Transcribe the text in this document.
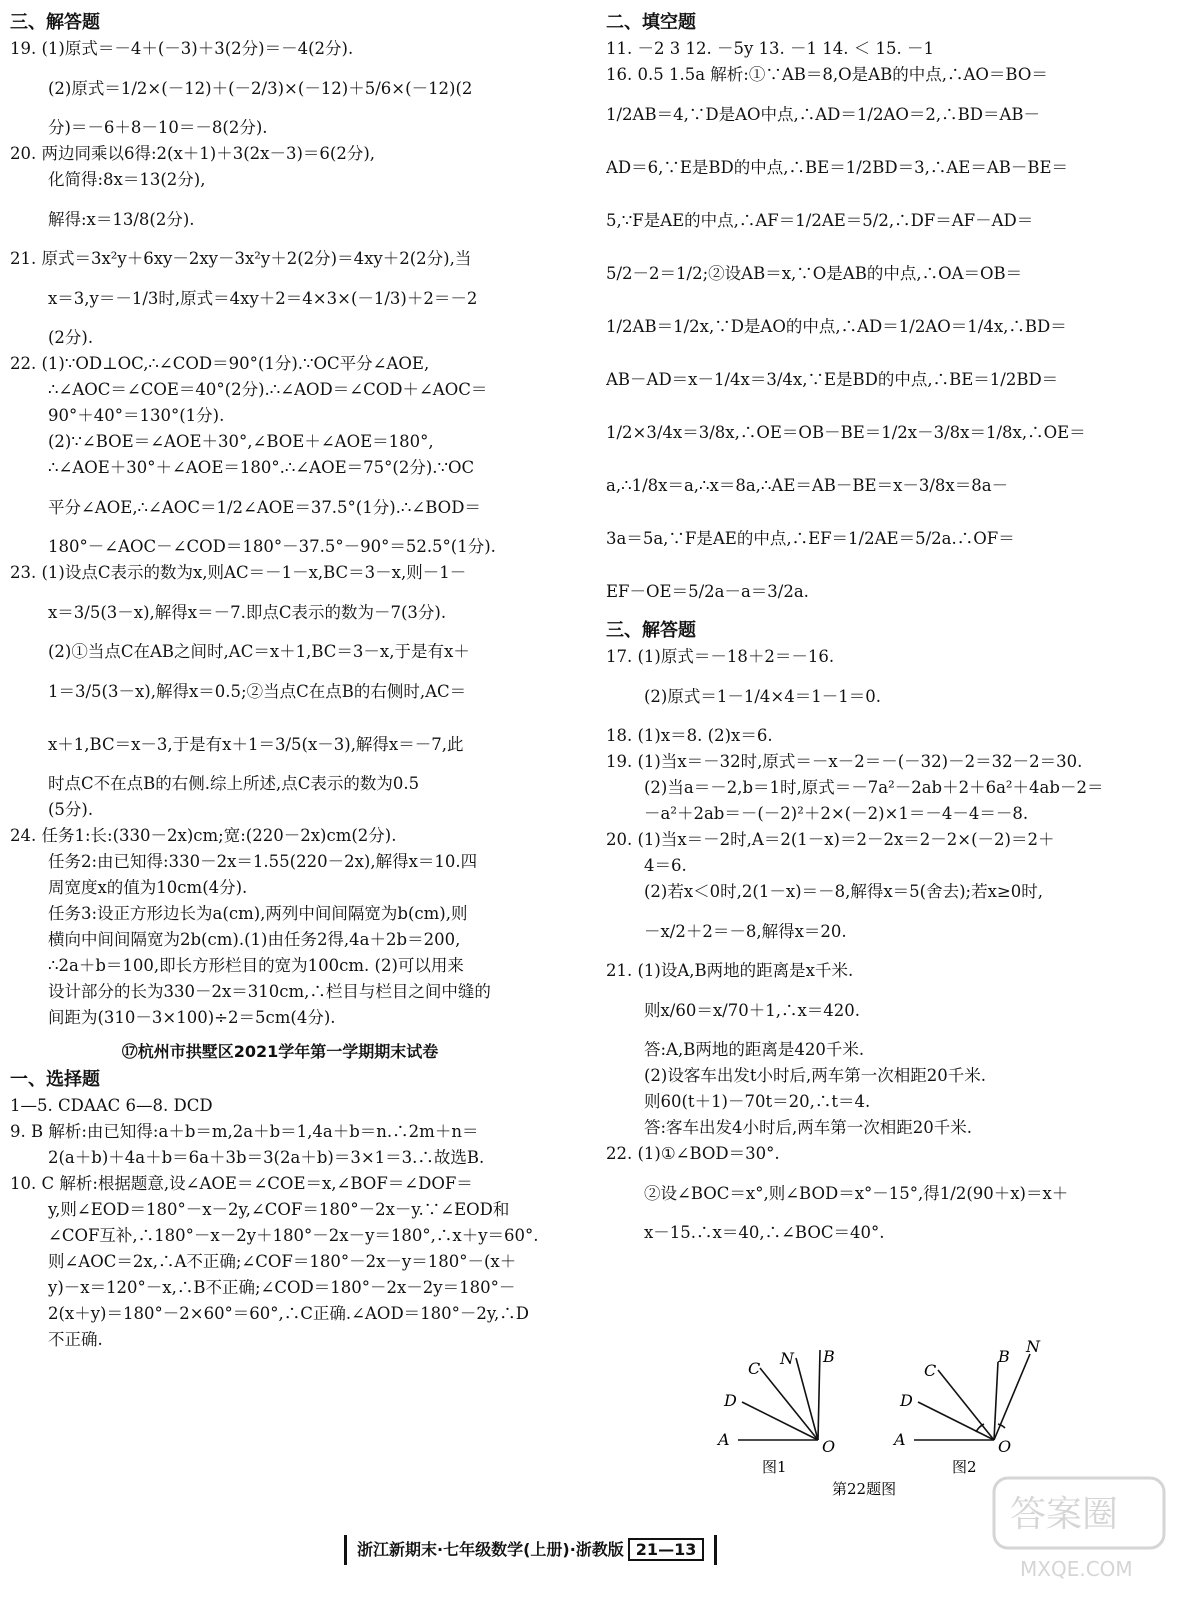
三、解答题
19. (1)原式＝－4＋(－3)＋3(2分)＝－4(2分).
(2)原式＝1/2×(－12)＋(－2/3)×(－12)＋5/6×(－12)(2
分)＝－6＋8－10＝－8(2分).
20. 两边同乘以6得:2(x＋1)＋3(2x－3)＝6(2分),
化简得:8x＝13(2分),
解得:x＝13/8(2分).
21. 原式＝3x²y＋6xy－2xy－3x²y＋2(2分)＝4xy＋2(2分),当
x＝3,y＝－1/3时,原式＝4xy＋2＝4×3×(－1/3)＋2＝－2
(2分).
22. (1)∵OD⊥OC,∴∠COD＝90°(1分).∵OC平分∠AOE,
∴∠AOC＝∠COE＝40°(2分).∴∠AOD＝∠COD＋∠AOC＝
90°＋40°＝130°(1分).
(2)∵∠BOE＝∠AOE＋30°,∠BOE＋∠AOE＝180°,
∴∠AOE＋30°＋∠AOE＝180°.∴∠AOE＝75°(2分).∵OC
平分∠AOE,∴∠AOC＝1/2∠AOE＝37.5°(1分).∴∠BOD＝
180°－∠AOC－∠COD＝180°－37.5°－90°＝52.5°(1分).
23. (1)设点C表示的数为x,则AC＝－1－x,BC＝3－x,则－1－
x＝3/5(3－x),解得x＝－7.即点C表示的数为－7(3分).
(2)①当点C在AB之间时,AC＝x＋1,BC＝3－x,于是有x＋
1＝3/5(3－x),解得x＝0.5;②当点C在点B的右侧时,AC＝
x＋1,BC＝x－3,于是有x＋1＝3/5(x－3),解得x＝－7,此
时点C不在点B的右侧.综上所述,点C表示的数为0.5
(5分).
24. 任务1:长:(330－2x)cm;宽:(220－2x)cm(2分).
任务2:由已知得:330－2x＝1.55(220－2x),解得x＝10.四
周宽度x的值为10cm(4分).
任务3:设正方形边长为a(cm),两列中间间隔宽为b(cm),则
横向中间间隔宽为2b(cm).(1)由任务2得,4a＋2b＝200,
∴2a＋b＝100,即长方形栏目的宽为100cm. (2)可以用来
设计部分的长为330－2x＝310cm,∴栏目与栏目之间中缝的
间距为(310－3×100)÷2＝5cm(4分).
⑰杭州市拱墅区2021学年第一学期期末试卷
一、选择题
1—5. CDAAC 6—8. DCD
9. B 解析:由已知得:a＋b＝m,2a＋b＝1,4a＋b＝n.∴2m＋n＝
2(a＋b)＋4a＋b＝6a＋3b＝3(2a＋b)＝3×1＝3.∴故选B.
10. C 解析:根据题意,设∠AOE＝∠COE＝x,∠BOF＝∠DOF＝
y,则∠EOD＝180°－x－2y,∠COF＝180°－2x－y.∵∠EOD和
∠COF互补,∴180°－x－2y＋180°－2x－y＝180°,∴x＋y＝60°.
则∠AOC＝2x,∴A不正确;∠COF＝180°－2x－y＝180°－(x＋
y)－x＝120°－x,∴B不正确;∠COD＝180°－2x－2y＝180°－
2(x＋y)＝180°－2×60°＝60°,∴C正确.∠AOD＝180°－2y,∴D
不正确.
二、填空题
11. －2 3 12. －5y 13. －1 14. ＜ 15. －1
16. 0.5 1.5a 解析:①∵AB＝8,O是AB的中点,∴AO＝BO＝
1/2AB＝4,∵D是AO中点,∴AD＝1/2AO＝2,∴BD＝AB－
AD＝6,∵E是BD的中点,∴BE＝1/2BD＝3,∴AE＝AB－BE＝
5,∵F是AE的中点,∴AF＝1/2AE＝5/2,∴DF＝AF－AD＝
5/2－2＝1/2;②设AB＝x,∵O是AB的中点,∴OA＝OB＝
1/2AB＝1/2x,∵D是AO的中点,∴AD＝1/2AO＝1/4x,∴BD＝
AB－AD＝x－1/4x＝3/4x,∵E是BD的中点,∴BE＝1/2BD＝
1/2×3/4x＝3/8x,∴OE＝OB－BE＝1/2x－3/8x＝1/8x,∴OE＝
a,∴1/8x＝a,∴x＝8a,∴AE＝AB－BE＝x－3/8x＝8a－
3a＝5a,∵F是AE的中点,∴EF＝1/2AE＝5/2a.∴OF＝
EF－OE＝5/2a－a＝3/2a.
三、解答题
17. (1)原式＝－18＋2＝－16.
(2)原式＝1－1/4×4＝1－1＝0.
18. (1)x＝8. (2)x＝6.
19. (1)当x＝－32时,原式＝－x－2＝－(－32)－2＝32－2＝30.
(2)当a＝－2,b＝1时,原式＝－7a²－2ab＋2＋6a²＋4ab－2＝
－a²＋2ab＝－(－2)²＋2×(－2)×1＝－4－4＝－8.
20. (1)当x＝－2时,A＝2(1－x)＝2－2x＝2－2×(－2)＝2＋
4＝6.
(2)若x＜0时,2(1－x)＝－8,解得x＝5(舍去);若x≥0时,
－x/2＋2＝－8,解得x＝20.
21. (1)设A,B两地的距离是x千米.
则x/60＝x/70＋1,∴x＝420.
答:A,B两地的距离是420千米.
(2)设客车出发t小时后,两车第一次相距20千米.
则60(t＋1)－70t＝20,∴t＝4.
答:客车出发4小时后,两车第一次相距20千米.
22. (1)①∠BOD＝30°.
②设∠BOC＝x°,则∠BOD＝x°－15°,得1/2(90＋x)＝x＋
x－15.∴x＝40,∴∠BOC＝40°.
C
N B
D
A	O
图1
C
B
N
D
A	O
图2
第22题图
浙江新期末·七年级数学(上册)·浙教版 21—13
答案圈
MXQE.COM
